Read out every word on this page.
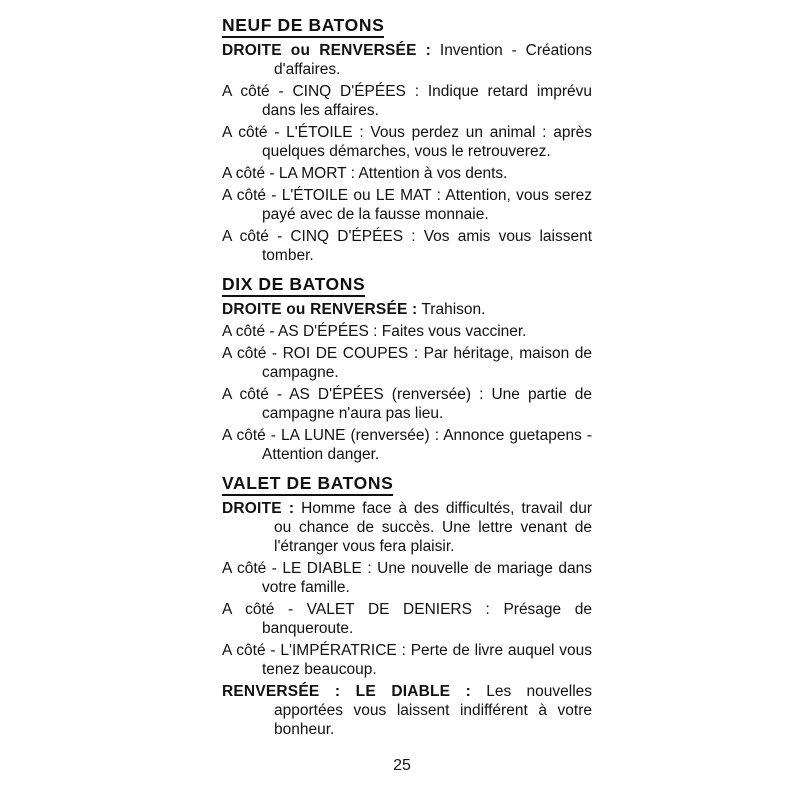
NEUF DE BATONS

DROITE ou RENVERSÉE : Invention - Créations d'affaires.

A côté - CINQ D'ÉPÉES : Indique retard imprévu dans les affaires.

A côté - L'ÉTOILE : Vous perdez un animal : après quelques démarches, vous le retrouverez.

A côté - LA MORT : Attention à vos dents.

A côté - L'ÉTOILE ou LE MAT : Attention, vous serez payé avec de la fausse monnaie.

A côté - CINQ D'ÉPÉES : Vos amis vous laissent tomber.

DIX DE BATONS

DROITE ou RENVERSÉE : Trahison.

A côté - AS D'ÉPÉES : Faites vous vacciner.

A côté - ROI DE COUPES : Par héritage, maison de campagne.

A côté - AS D'ÉPÉES (renversée) : Une partie de campagne n'aura pas lieu.

A côté - LA LUNE (renversée) : Annonce guetapens - Attention danger.

VALET DE BATONS

DROITE : Homme face à des difficultés, travail dur ou chance de succès. Une lettre venant de l'étranger vous fera plaisir.

A côté - LE DIABLE : Une nouvelle de mariage dans votre famille.

A côté - VALET DE DENIERS : Présage de banqueroute.

A côté - L'IMPÉRATRICE : Perte de livre auquel vous tenez beaucoup.

RENVERSÉE : LE DIABLE : Les nouvelles apportées vous laissent indifférent à votre bonheur.

25
